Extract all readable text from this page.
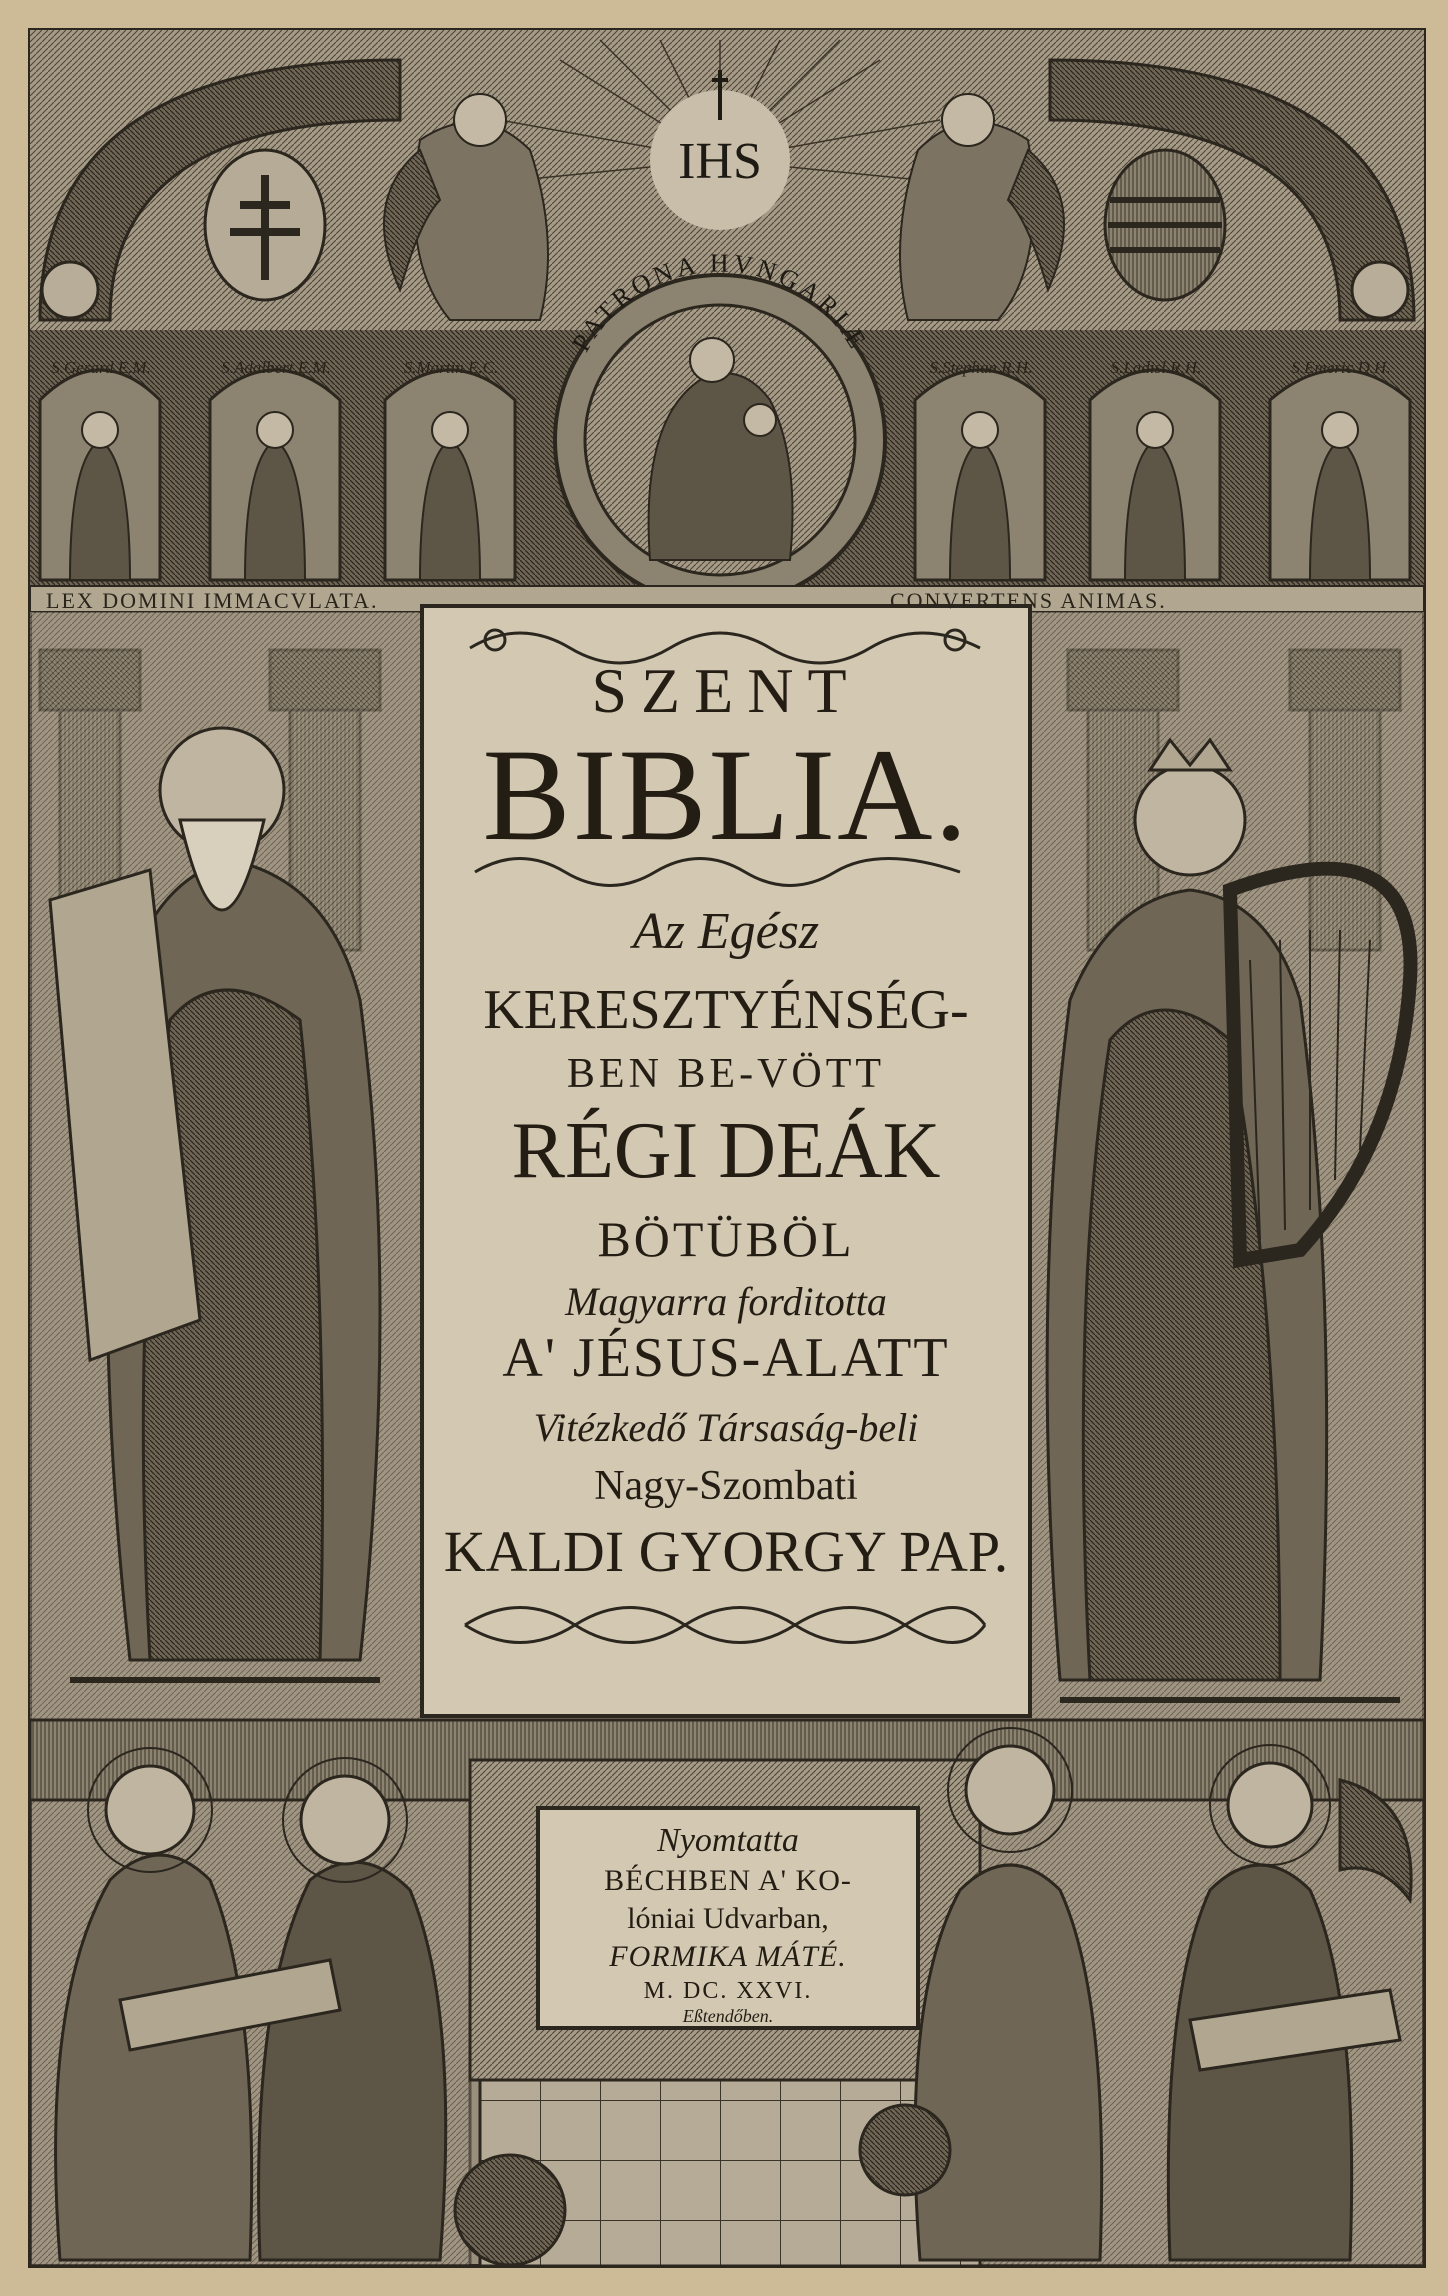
IHS
PATRONA HVNGARIÆ
S.Gerard.E.M.	S.Adalbert.E.M.	S.Martin.E.C.	S.Stephan.R.H.	S.Ladisl.R.H.	S.Emeric.D.H.
LEX DOMINI IMMACVLATA.	CONVERTENS ANIMAS.
SZENT
BIBLIA.
Az Egész
KERESZTYÉNSÉG-
BEN BE-VÖTT
RÉGI DEÁK
BÖTÜBÖL
Magyarra forditotta
A' JÉSUS-ALATT
Vitézkedő Társaság-beli
Nagy-Szombati
KALDI GYORGY PAP.
Nyomtatta
BÉCHBEN A' KO-
lóniai Udvarban,
FORMIKA MÁTÉ.
M. DC. XXVI.
Eßtendőben.
